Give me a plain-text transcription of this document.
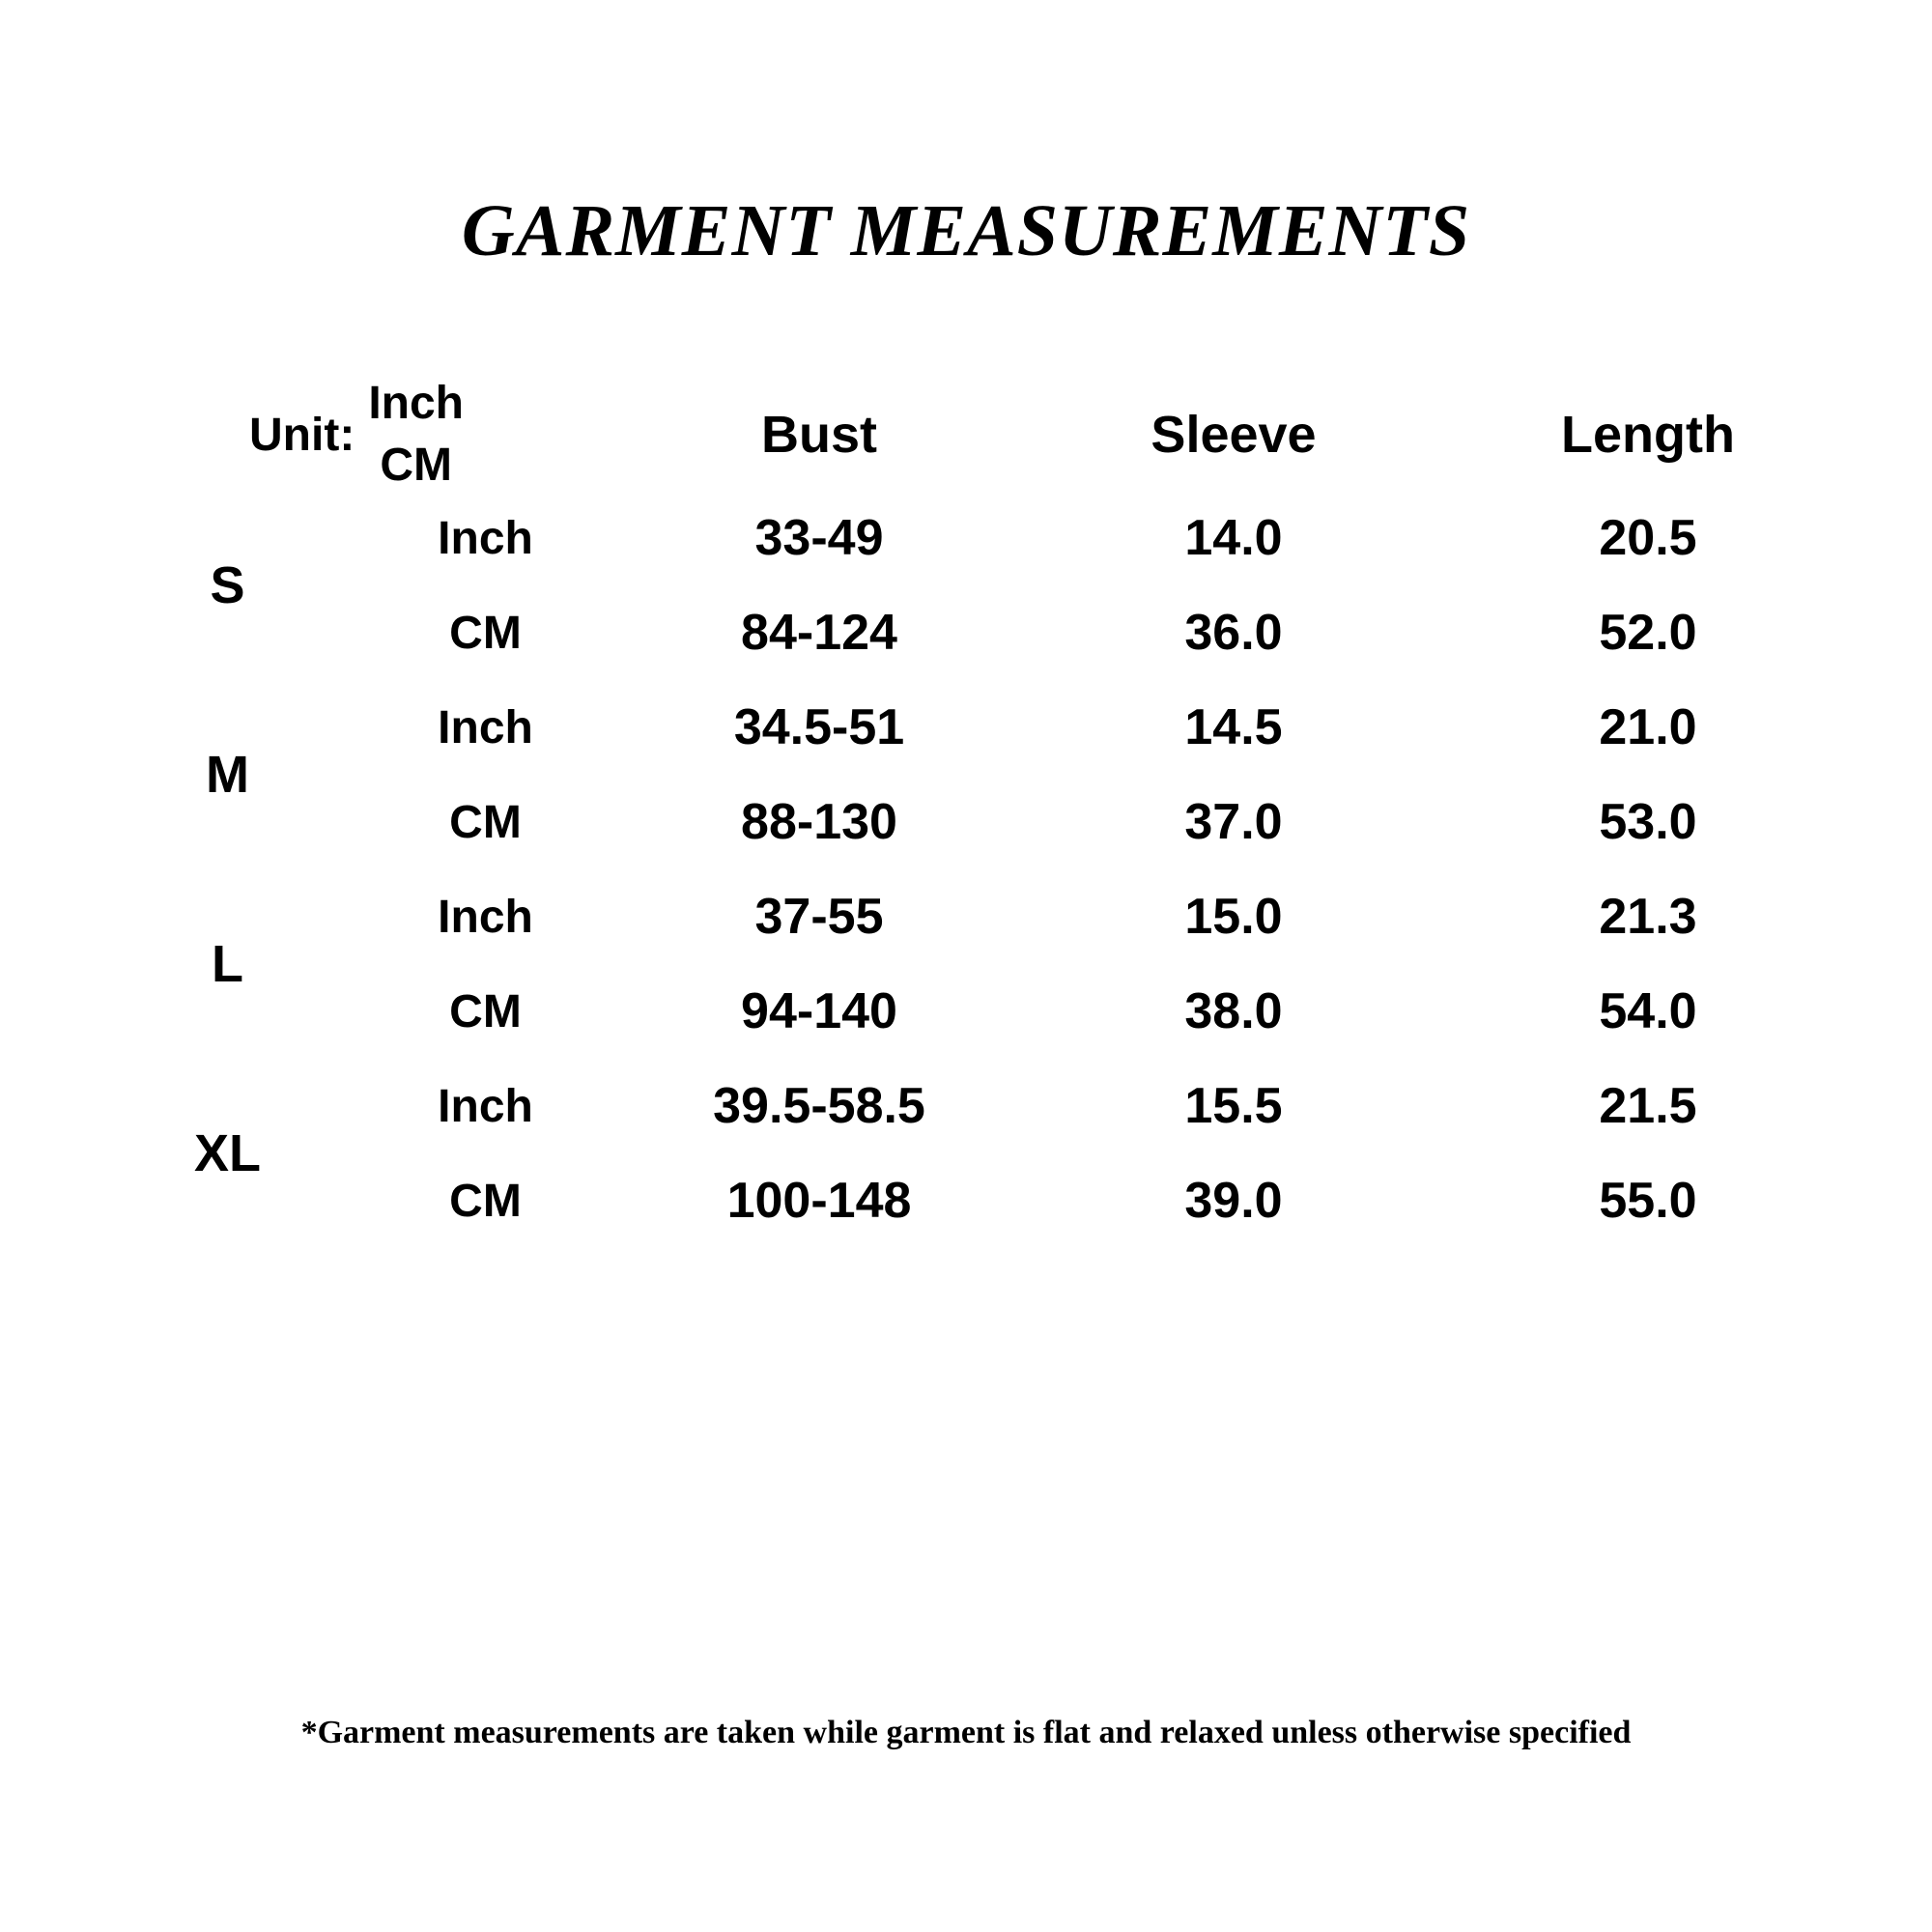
GARMENT MEASUREMENTS
Unit: $\frac{\text{Inch}}{CM}$		Bust	Sleeve	Length
S	Inch	33-49	14.0	20.5
	CM	84-124	36.0	52.0
M	Inch	34.5-51	14.5	21.0
	CM	88-130	37.0	53.0
L	Inch	37-55	15.0	21.3
	CM	94-140	38.0	54.0
XL	Inch	39.5-58.5	15.5	21.5
	CM	100-148	39.0	55.0
*Garment measurements are taken while garment is flat and relaxed unless otherwise specified
